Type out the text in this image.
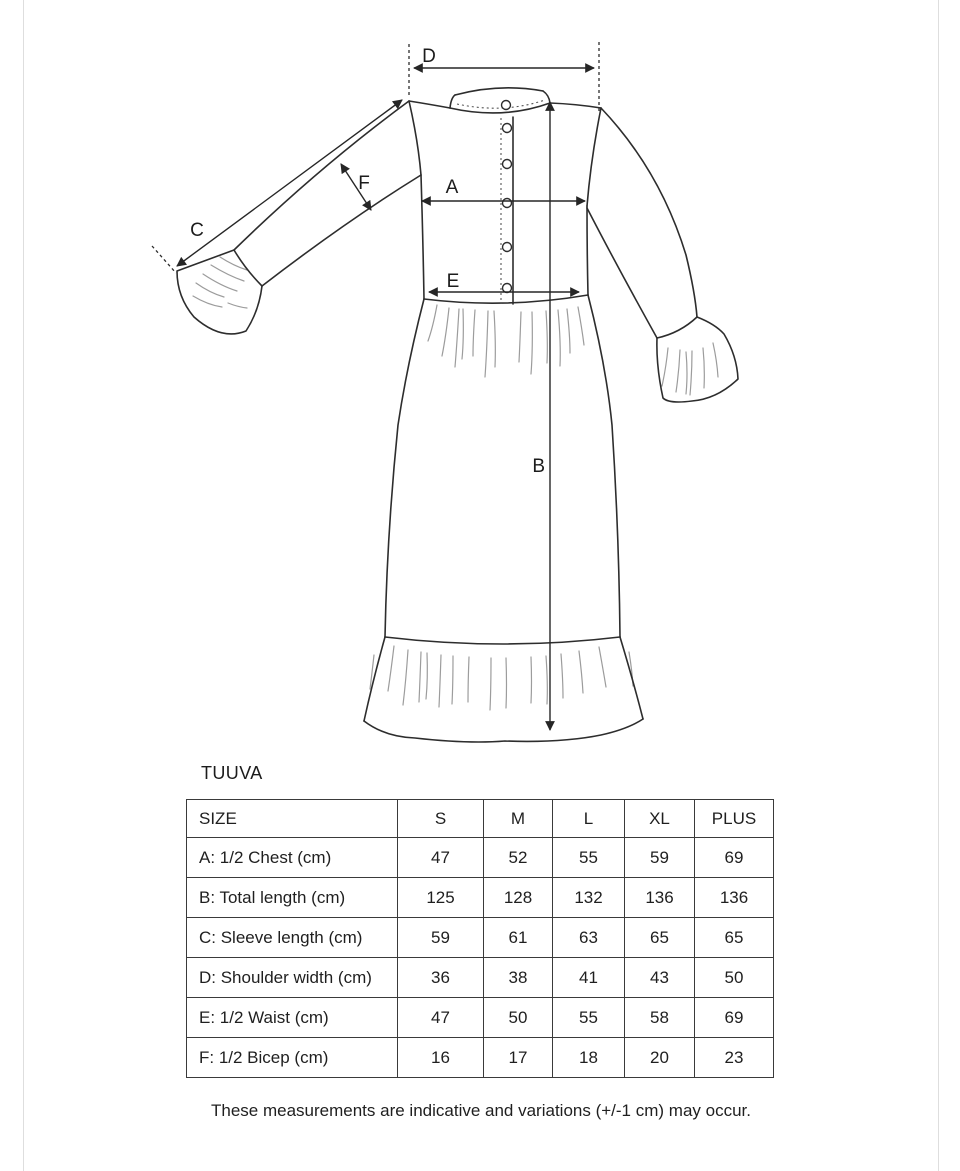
D
C
F	A
E
B
TUUVA
SIZE	S	M	L	XL	PLUS
A: 1/2 Chest (cm)	47	52	55	59	69
B: Total length (cm)	125	128	132	136	136
C: Sleeve length (cm)	59	61	63	65	65
D: Shoulder width (cm)	36	38	41	43	50
E: 1/2 Waist (cm)	47	50	55	58	69
F: 1/2 Bicep (cm)	16	17	18	20	23
These measurements are indicative and variations (+/-1 cm) may occur.
